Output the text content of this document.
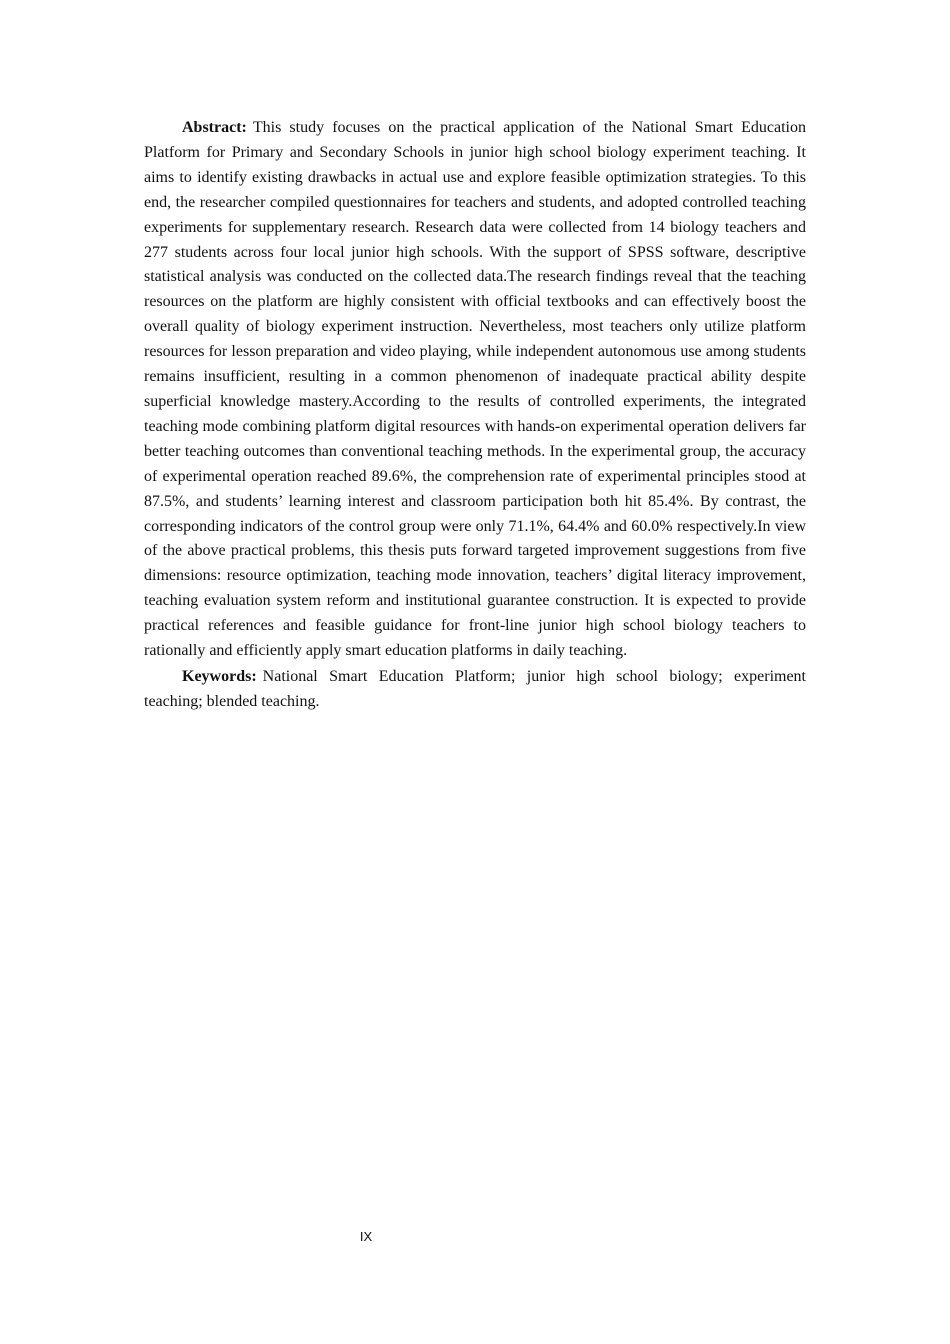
Abstract: This study focuses on the practical application of the National Smart Education Platform for Primary and Secondary Schools in junior high school biology experiment teaching. It aims to identify existing drawbacks in actual use and explore feasible optimization strategies. To this end, the researcher compiled questionnaires for teachers and students, and adopted controlled teaching experiments for supplementary research. Research data were collected from 14 biology teachers and 277 students across four local junior high schools. With the support of SPSS software, descriptive statistical analysis was conducted on the collected data.The research findings reveal that the teaching resources on the platform are highly consistent with official textbooks and can effectively boost the overall quality of biology experiment instruction. Nevertheless, most teachers only utilize platform resources for lesson preparation and video playing, while independent autonomous use among students remains insufficient, resulting in a common phenomenon of inadequate practical ability despite superficial knowledge mastery.According to the results of controlled experiments, the integrated teaching mode combining platform digital resources with hands-on experimental operation delivers far better teaching outcomes than conventional teaching methods. In the experimental group, the accuracy of experimental operation reached 89.6%, the comprehension rate of experimental principles stood at 87.5%, and students’ learning interest and classroom participation both hit 85.4%. By contrast, the corresponding indicators of the control group were only 71.1%, 64.4% and 60.0% respectively.In view of the above practical problems, this thesis puts forward targeted improvement suggestions from five dimensions: resource optimization, teaching mode innovation, teachers’ digital literacy improvement, teaching evaluation system reform and institutional guarantee construction. It is expected to provide practical references and feasible guidance for front-line junior high school biology teachers to rationally and efficiently apply smart education platforms in daily teaching.

Keywords: National Smart Education Platform; junior high school biology; experiment teaching; blended teaching.

IX
